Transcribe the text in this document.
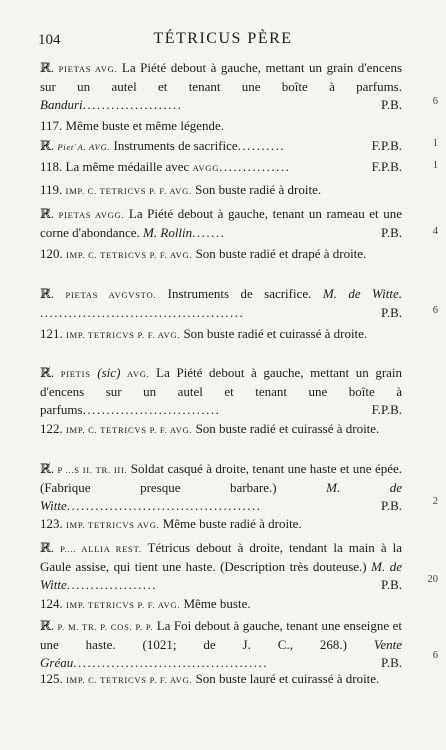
104	TÉTRICUS PÈRE
ℝ̸. PIETAS AVG. La Piété debout à gauche, mettant un grain d'encens sur un autel et tenant une boîte à parfums. Banduri.....................	P.B.	6
117. Même buste et même légende.
ℝ̸. PietˋA. AVG. Instruments de sacrifice..........	F.P.B.	1
118. La même médaille avec AVGG...............	F.P.B.	1
119. IMP. C. TETRICVS P. F. AVG. Son buste radié à droite.
ℝ̸. PIETAS AVGG. La Piété debout à gauche, tenant un rameau et une corne d'abondance. M. Rollin.......	P.B.	4
120. IMP. C. TETRICVS P. F. AVG. Son buste radié et drapé à droite.
ℝ̸. PIETAS AVGVSTO. Instruments de sacrifice. M. de Witte. ...........................................	P.B.	6
121. IMP. TETRICVS P. F. AVG. Son buste radié et cuirassé à droite.
ℝ̸. PIETIS (sic) AVG. La Piété debout à gauche, mettant un grain d'encens sur un autel et tenant une boîte à parfums.............................	F.P.B.
122. IMP. C. TETRICVS P. F. AVG. Son buste radié et cuirassé à droite.
ℝ̸. P ...S II. TR. III. Soldat casqué à droite, tenant une haste et une épée. (Fabrique presque barbare.)	M. de Witte.........................................	P.B.	2
123. IMP. TETRICVS AVG. Même buste radié à droite.
ℝ̸. P.... ALLIA REST. Tétricus debout à droite, tendant la main à la Gaule assise, qui tient une haste. (Description très douteuse.) M. de Witte...................	P.B. 20
124. IMP. TETRICVS P. F. AVG. Même buste.
ℝ̸. P. M. TR. P. COS. P. P. La Foi debout à gauche, tenant une enseigne et une haste. (1021; de J. C., 268.) Vente Gréau.........................................	P.B.	6
125. IMP. C. TETRICVS P. F. AVG. Son buste lauré et cuirassé à droite.
